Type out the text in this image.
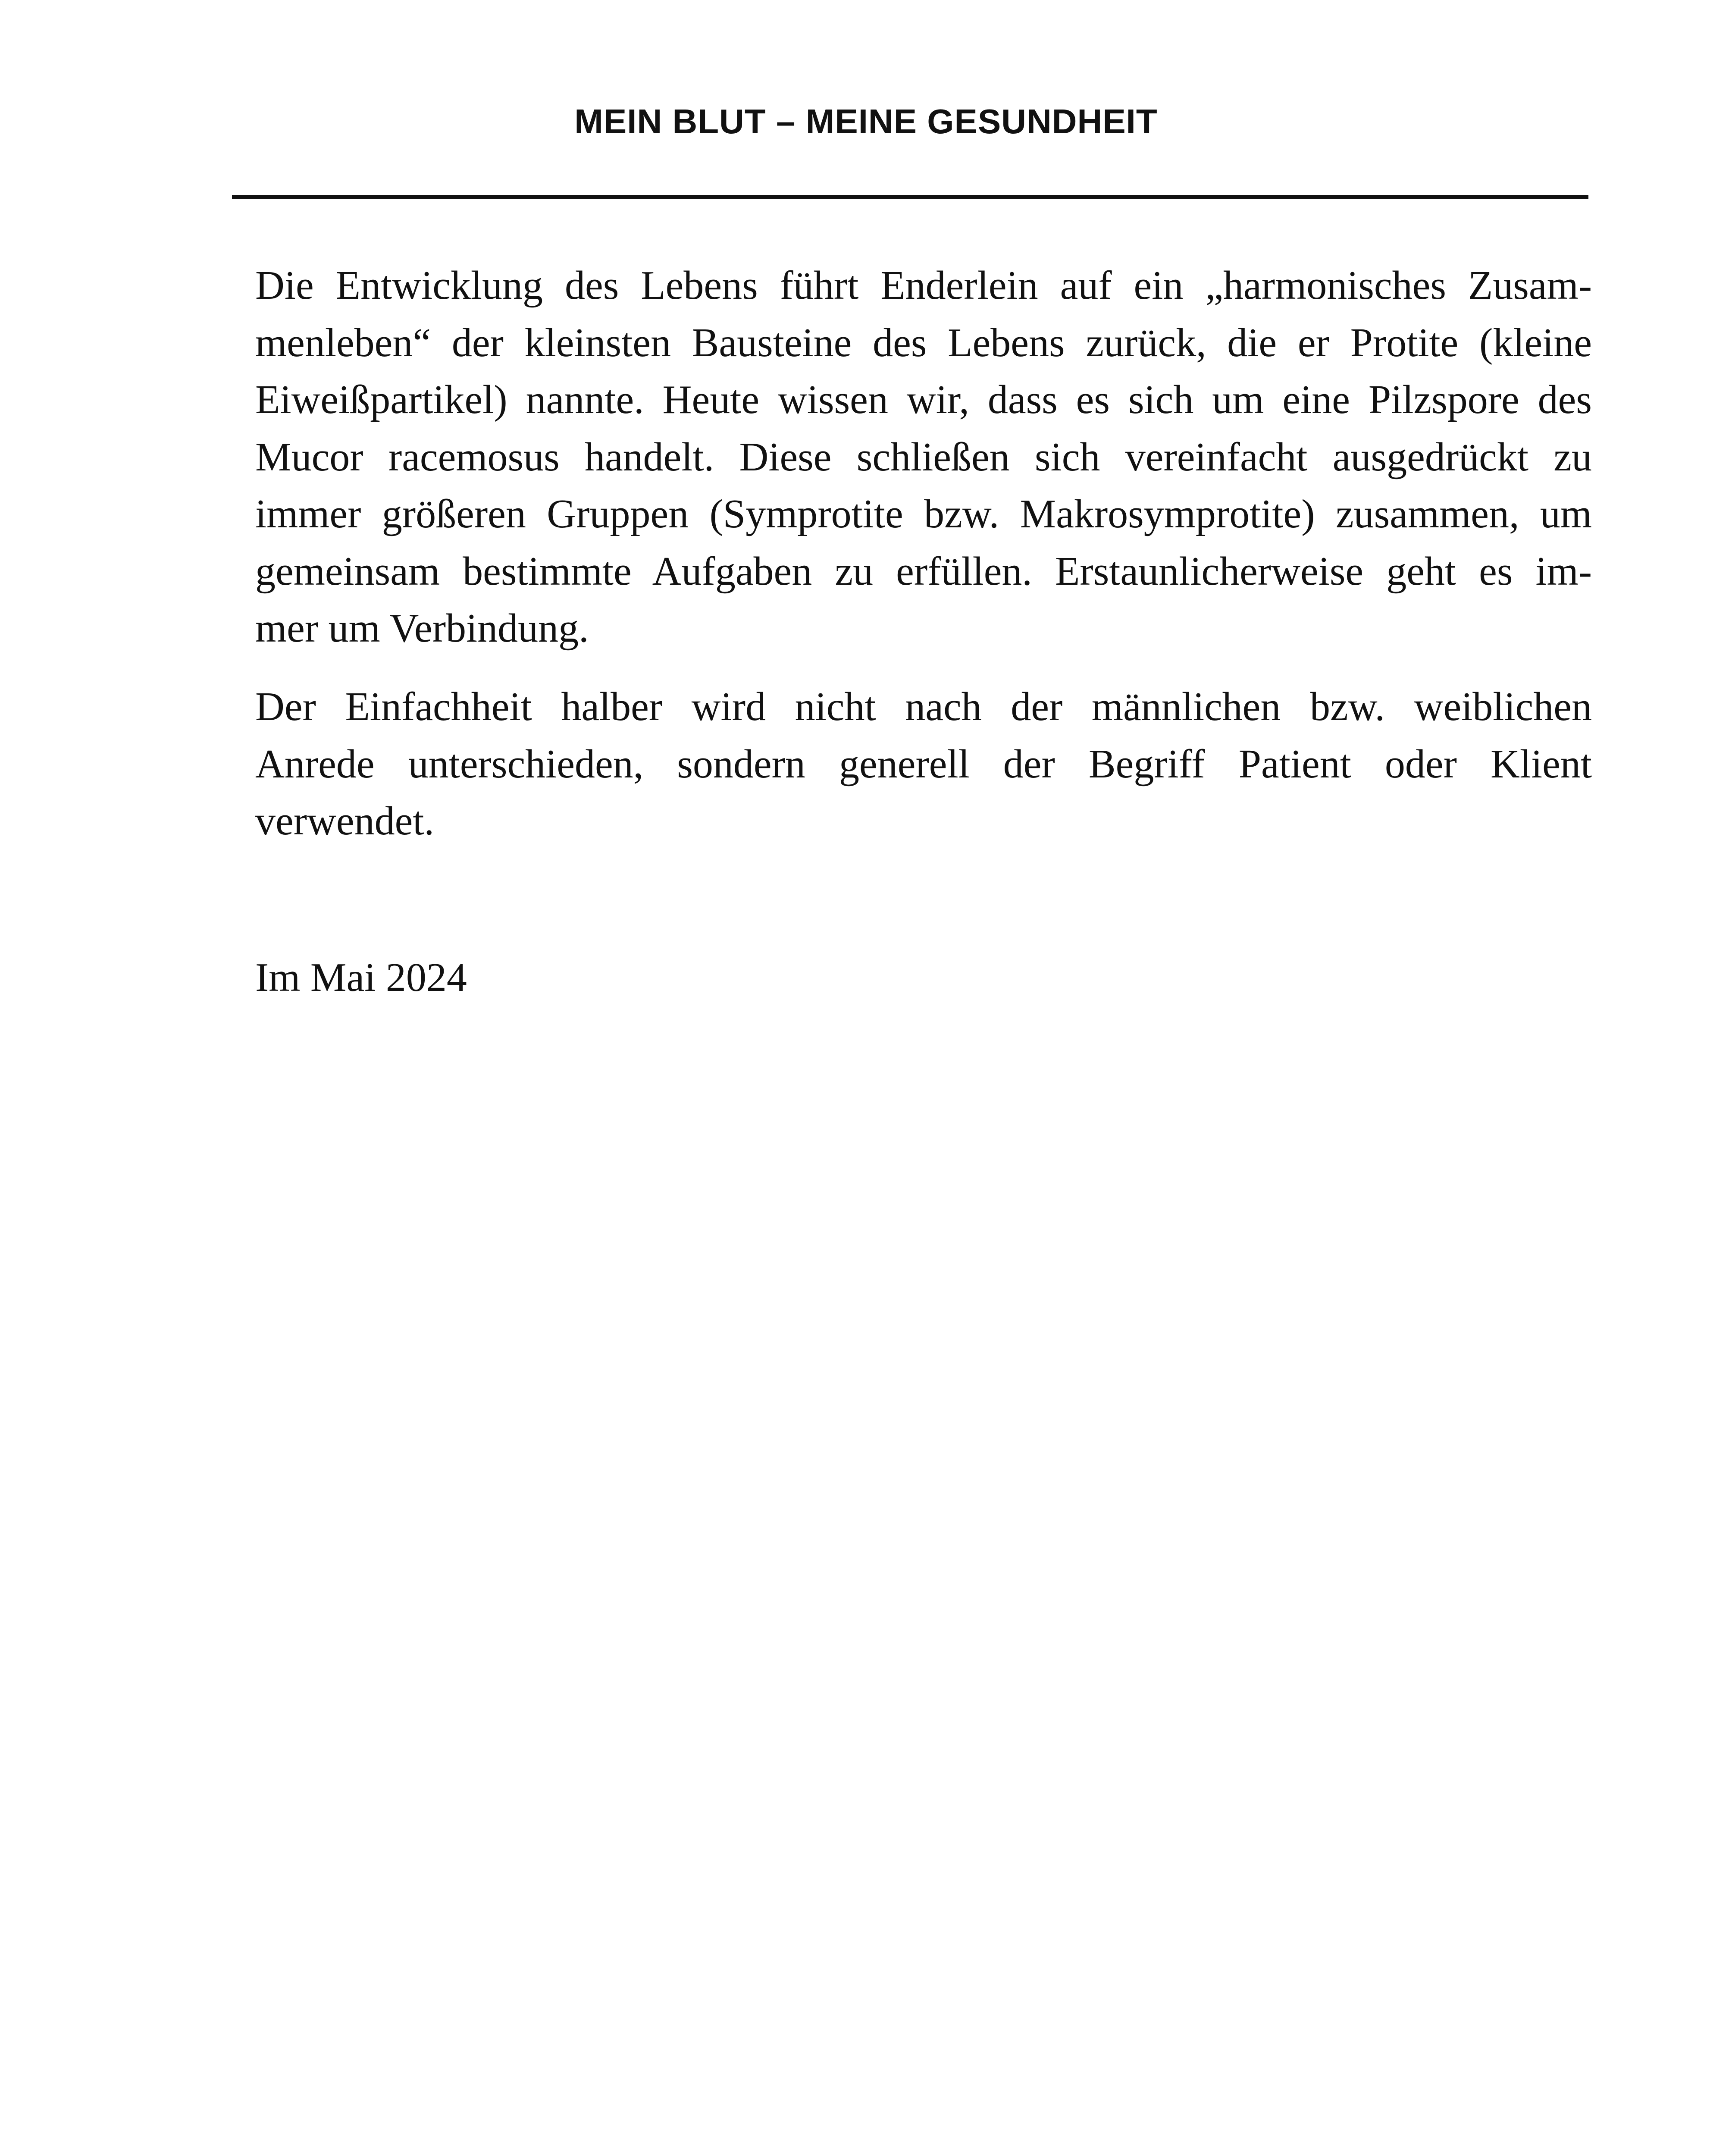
MEIN BLUT – MEINE GESUNDHEIT

Die Entwicklung des Lebens führt Enderlein auf ein „harmonisches Zusam-
menleben“ der kleinsten Bausteine des Lebens zurück, die er Protite (kleine
Eiweißpartikel) nannte. Heute wissen wir, dass es sich um eine Pilzspore des
Mucor racemosus handelt. Diese schließen sich vereinfacht ausgedrückt zu
immer größeren Gruppen (Symprotite bzw. Makrosymprotite) zusammen, um
gemeinsam bestimmte Aufgaben zu erfüllen. Erstaunlicherweise geht es im-
mer um Verbindung.

Der Einfachheit halber wird nicht nach der männlichen bzw. weiblichen
Anrede unterschieden, sondern generell der Begriff Patient oder Klient
verwendet.

Im Mai 2024
